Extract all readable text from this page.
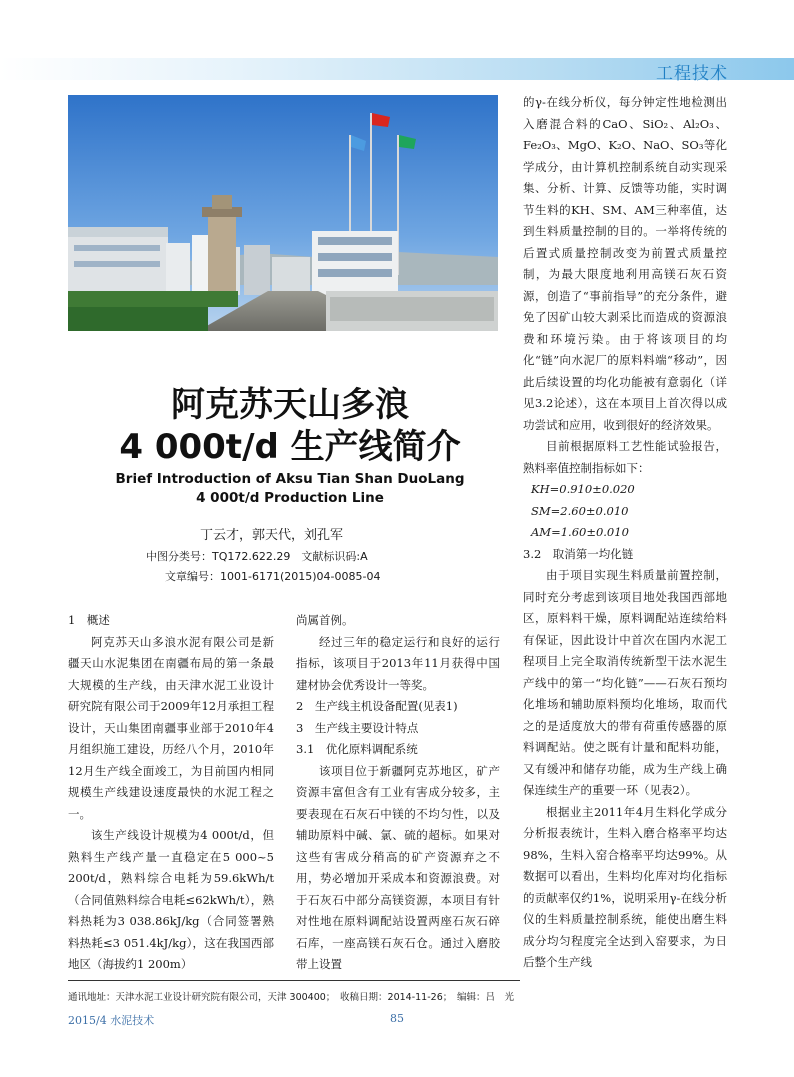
工程技术
阿克苏天山多浪
4 000t/d 生产线简介
Brief Introduction of Aksu Tian Shan DuoLang
4 000t/d Production Line
丁云才，郭天代，刘孔军
中图分类号：TQ172.622.29　文献标识码:A
文章编号：1001-6171(2015)04-0085-04

1　概述

阿克苏天山多浪水泥有限公司是新疆天山水泥集团在南疆布局的第一条最大规模的生产线，由天津水泥工业设计研究院有限公司于2009年12月承担工程设计，天山集团南疆事业部于2010年4月组织施工建设，历经八个月，2010年12月生产线全面竣工，为目前国内相同规模生产线建设速度最快的水泥工程之一。

该生产线设计规模为4 000t/d，但熟料生产线产量一直稳定在5 000~5 200t/d，熟料综合电耗为59.6kWh/t（合同值熟料综合电耗≤62kWh/t），熟料热耗为3 038.86kJ/kg（合同签署熟料热耗≤3 051.4kJ/kg），这在我国西部地区（海拔约1 200m）

尚属首例。

经过三年的稳定运行和良好的运行指标，该项目于2013年11月获得中国建材协会优秀设计一等奖。

2　生产线主机设备配置(见表1)

3　生产线主要设计特点

3.1　优化原料调配系统

该项目位于新疆阿克苏地区，矿产资源丰富但含有工业有害成分较多，主要表现在石灰石中镁的不均匀性，以及辅助原料中碱、氯、硫的超标。如果对这些有害成分稍高的矿产资源弃之不用，势必增加开采成本和资源浪费。对于石灰石中部分高镁资源，本项目有针对性地在原料调配站设置两座石灰石碎石库，一座高镁石灰石仓。通过入磨胶带上设置

的γ-在线分析仪，每分钟定性地检测出入磨混合料的CaO、SiO₂、Al₂O₃、Fe₂O₃、MgO、K₂O、NaO、SO₃等化学成分，由计算机控制系统自动实现采集、分析、计算、反馈等功能，实时调节生料的KH、SM、AM三种率值，达到生料质量控制的目的。一举将传统的后置式质量控制改变为前置式质量控制，为最大限度地利用高镁石灰石资源，创造了“事前指导”的充分条件，避免了因矿山较大剥采比而造成的资源浪费和环境污染。由于将该项目的均化“链”向水泥厂的原料料端“移动”，因此后续设置的均化功能被有意弱化（详见3.2论述），这在本项目上首次得以成功尝试和应用，收到很好的经济效果。

目前根据原料工艺性能试验报告，熟料率值控制指标如下：

KH=0.910±0.020

SM=2.60±0.010

AM=1.60±0.010

3.2　取消第一均化链

由于项目实现生料质量前置控制，同时充分考虑到该项目地处我国西部地区，原料料干燥，原料调配站连续给料有保证，因此设计中首次在国内水泥工程项目上完全取消传统新型干法水泥生产线中的第一“均化链”——石灰石预均化堆场和辅助原料预均化堆场，取而代之的是适度放大的带有荷重传感器的原料调配站。使之既有计量和配料功能，又有缓冲和储存功能，成为生产线上确保连续生产的重要一环（见表2）。

根据业主2011年4月生料化学成分分析报表统计，生料入磨合格率平均达98%，生料入窑合格率平均达99%。从数据可以看出，生料均化库对均化指标的贡献率仅约1%，说明采用γ-在线分析仪的生料质量控制系统，能使出磨生料成分均匀程度完全达到入窑要求，为日后整个生产线

通讯地址：天津水泥工业设计研究院有限公司，天津 300400；　收稿日期：2014-11-26；　编辑：吕　光
2015/4 水泥技术	85
